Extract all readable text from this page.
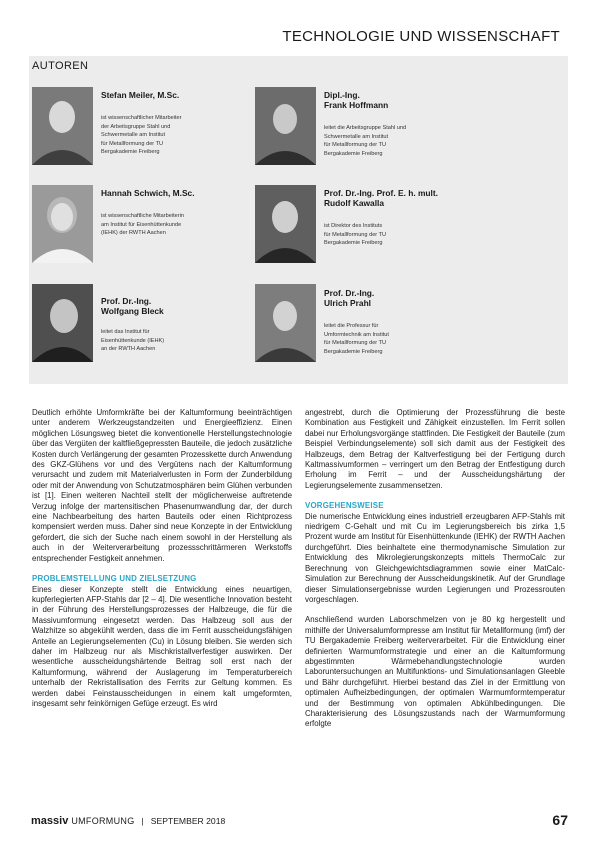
TECHNOLOGIE UND WISSENSCHAFT
AUTOREN
Stefan Meiler, M.Sc.
ist wissenschaftlicher Mitarbeiter
der Arbeitsgruppe Stahl und
Schwermetalle am Institut
für Metallformung der TU
Bergakademie Freiberg
Dipl.-Ing.
Frank Hoffmann
leitet die Arbeitsgruppe Stahl und
Schwermetalle am Institut
für Metallformung der TU
Bergakademie Freiberg
Hannah Schwich, M.Sc.
ist wissenschaftliche Mitarbeiterin
am Institut für Eisenhüttenkunde
(IEHK) der RWTH Aachen
Prof. Dr.-Ing. Prof. E. h. mult.
Rudolf Kawalla
ist Direktor des Instituts
für Metallformung der TU
Bergakademie Freiberg
Prof. Dr.-Ing.
Wolfgang Bleck
leitet das Institut für
Eisenhüttenkunde (IEHK)
an der RWTH Aachen
Prof. Dr.-Ing.
Ulrich Prahl
leitet die Professur für
Umformtechnik am Institut
für Metallformung der TU
Bergakademie Freiberg

Deutlich erhöhte Umformkräfte bei der Kaltumformung beeinträchtigen unter anderem Werkzeugstandzeiten und Energieeffizienz. Einen möglichen Lösungsweg bietet die konventionelle Herstellungstechnologie über das Vergüten der kaltfließgepressten Bauteile, die jedoch zusätzliche Kosten durch Verlängerung der gesamten Prozesskette durch Anwendung des GKZ-Glühens vor und des Vergütens nach der Kaltumformung verursacht und zudem mit Materialverlusten in Form der Zunderbildung oder mit der Anwendung von Schutzatmosphären beim Glühen verbunden ist [1]. Einen weiteren Nachteil stellt der möglicherweise auftretende Verzug infolge der martensitischen Phasenumwandlung dar, der durch eine Nachbearbeitung des harten Bauteils oder einen Richtprozess kompensiert werden muss. Daher sind neue Konzepte in der Entwicklung gefordert, die sich der Suche nach einem sowohl in der Herstellung als auch in der Weiterverarbeitung prozessschrittärmeren Werkstoffs entsprechender Festigkeit annehmen.

PROBLEMSTELLUNG UND ZIELSETZUNG

Eines dieser Konzepte stellt die Entwicklung eines neuartigen, kupferlegierten AFP-Stahls dar [2 – 4]. Die wesentliche Innovation besteht in der Führung des Herstellungsprozesses der Halbzeuge, die für die Massivumformung eingesetzt werden. Das Halbzeug soll aus der Walzhitze so abgekühlt werden, dass die im Ferrit ausscheidungsfähigen Anteile an Legierungselementen (Cu) in Lösung bleiben. Sie werden sich daher im Halbzeug nur als Mischkristallverfestiger auswirken. Der wesentliche ausscheidungshärtende Beitrag soll erst nach der Kaltumformung, während der Auslagerung im Temperaturbereich unterhalb der Rekristallisation des Ferrits zur Geltung kommen. Es werden dabei Feinstausscheidungen in einem kalt umgeformten, insgesamt sehr feinkörnigen Gefüge erzeugt. Es wird

angestrebt, durch die Optimierung der Prozessführung die beste Kombination aus Festigkeit und Zähigkeit einzustellen. Im Ferrit sollen dabei nur Erholungsvorgänge stattfinden. Die Festigkeit der Bauteile (zum Beispiel Verbindungselemente) soll sich damit aus der Festigkeit des Halbzeugs, dem Betrag der Kaltverfestigung bei der Fertigung durch Kaltmassivumformen – verringert um den Betrag der Entfestigung durch Erholung im Ferrit – und der Ausscheidungshärtung der Legierungselemente zusammensetzen.

VORGEHENSWEISE

Die numerische Entwicklung eines industriell erzeugbaren AFP-Stahls mit niedrigem C-Gehalt und mit Cu im Legierungsbereich bis zirka 1,5 Prozent wurde am Institut für Eisenhüttenkunde (IEHK) der RWTH Aachen durchgeführt. Dies beinhaltete eine thermodynamische Simulation zur Entwicklung des Mikrolegierungskonzepts mittels ThermoCalc zur Berechnung von Gleichgewichtsdiagrammen sowie einer MatCalc-Simulation zur Berechnung der Ausscheidungskinetik. Auf der Grundlage dieser Simulationsergebnisse wurden Legierungen und Prozessrouten vorgeschlagen.

Anschließend wurden Laborschmelzen von je 80 kg hergestellt und mithilfe der Universalumformpresse am Institut für Metallformung (imf) der TU Bergakademie Freiberg weiterverarbeitet. Für die Entwicklung einer definierten Warmumformstrategie und einer an die Kaltumformung abgestimmten Wärmebehandlungstechnologie wurden Laboruntersuchungen an Multifunktions- und Simulationsanlagen Gleeble und Bähr durchgeführt. Hierbei bestand das Ziel in der Ermittlung von optimalen Aufheizbedingungen, der optimalen Warmumformtemperatur und der Bestimmung von optimalen Abkühlbedingungen. Die Charakterisierung des Lösungszustands nach der Warmumformung erfolgte

massiv UMFORMUNG | SEPTEMBER 2018	67
